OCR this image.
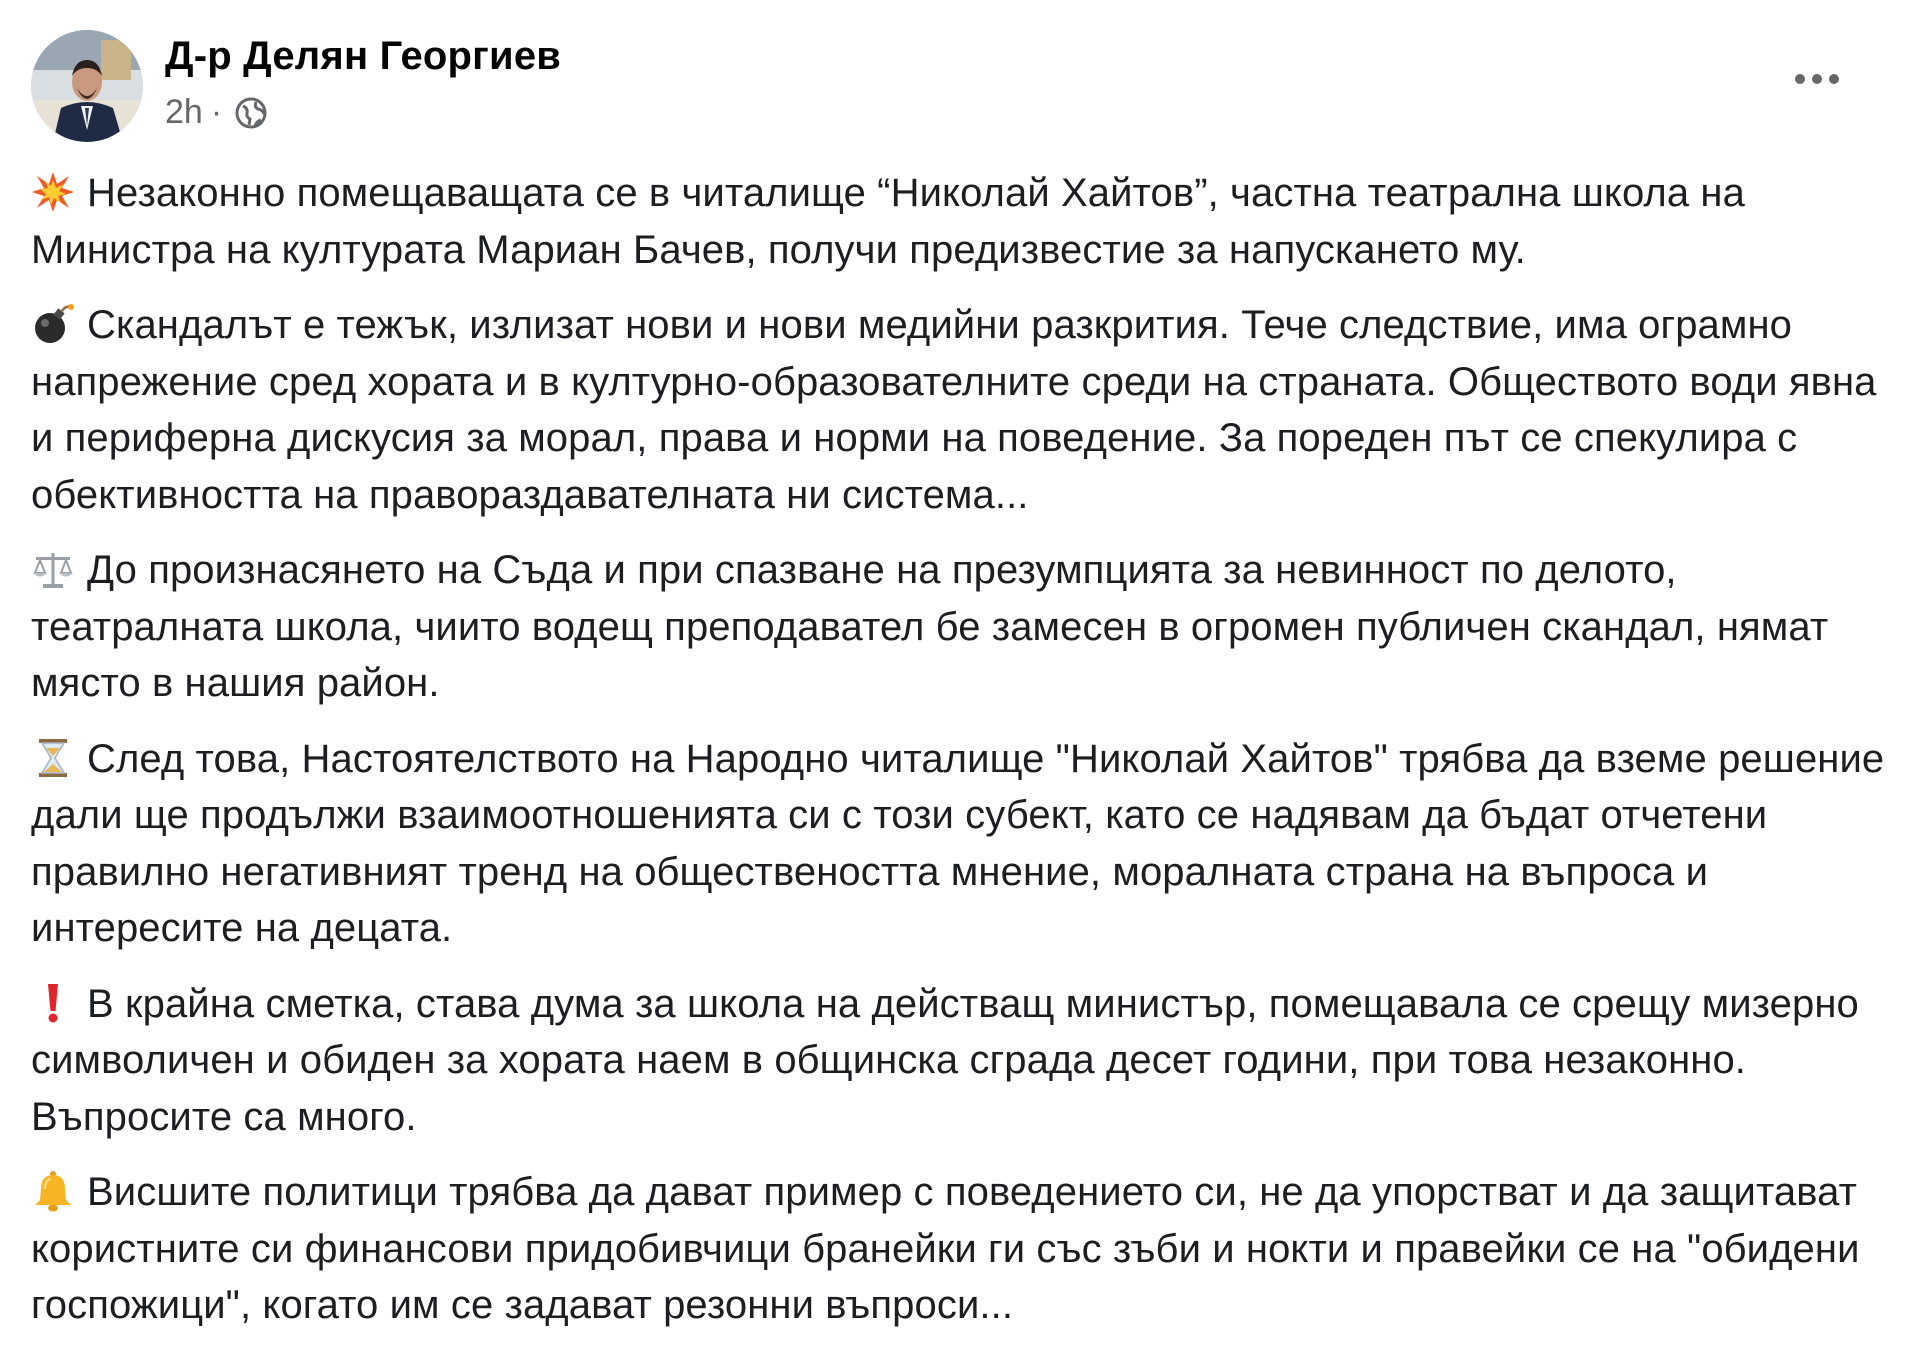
Д-р Делян Георгиев
2h ·

Незаконно помещаващата се в читалище “Николай Хайтов”, частна театрална школа на Министра на културата Мариан Бачев, получи предизвестие за напускането му.

Скандалът е тежък, излизат нови и нови медийни разкрития. Тече следствие, има ограмно напрежение сред хората и в културно-образователните среди на страната. Обществото води явна и периферна дискусия за морал, права и норми на поведение. За пореден път се спекулира с обективността на правораздавателната ни система...

До произнасянето на Съда и при спазване на презумпцията за невинност по делото, театралната школа, чиито водещ преподавател бе замесен в огромен публичен скандал, нямат място в нашия район.

След това, Настоятелството на Народно читалище "Николай Хайтов" трябва да вземе решение дали ще продължи взаимоотношенията си с този субект, като се надявам да бъдат отчетени правилно негативният тренд на обществеността мнение, моралната страна на въпроса и интересите на децата.

В крайна сметка, става дума за школа на действащ министър, помещавала се срещу мизерно символичен и обиден за хората наем в общинска сграда десет години, при това незаконно. Въпросите са много.

Висшите политици трябва да дават пример с поведението си, не да упорстват и да защитават користните си финансови придобивчици бранейки ги със зъби и нокти и правейки се на "обидени госпожици", когато им се задават резонни въпроси...
